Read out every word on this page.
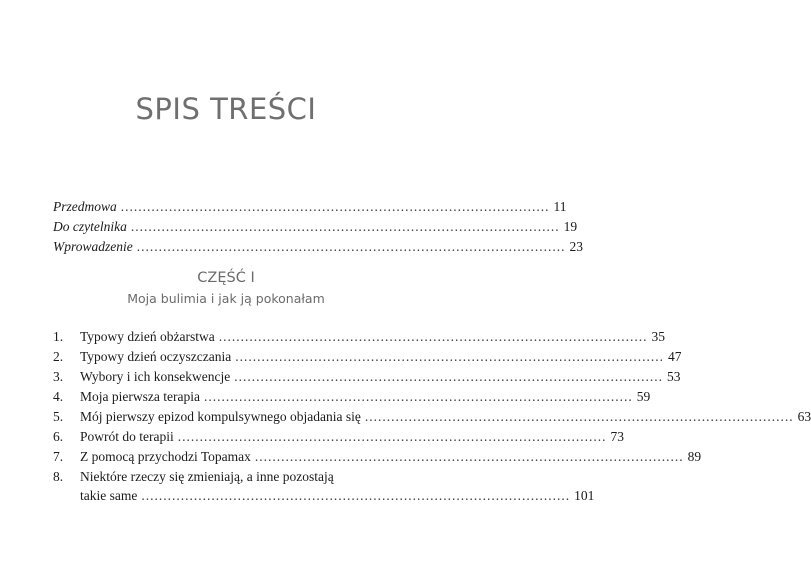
SPIS TREŚCI
Przedmowa .................................................................................................. 11
Do czytelnika .................................................................................................. 19
Wprowadzenie .................................................................................................. 23
CZĘŚĆ I
Moja bulimia i jak ją pokonałam
1.	Typowy dzień obżarstwa .................................................................................................. 35
2.	Typowy dzień oczyszczania .................................................................................................. 47
3.	Wybory i ich konsekwencje .................................................................................................. 53
4.	Moja pierwsza terapia .................................................................................................. 59
5.	Mój pierwszy epizod kompulsywnego objadania się .................................................................................................. 63
6.	Powrót do terapii .................................................................................................. 73
7.	Z pomocą przychodzi Topamax .................................................................................................. 89
8.	Niektóre rzeczy się zmieniają, a inne pozostają
takie same .................................................................................................. 101
